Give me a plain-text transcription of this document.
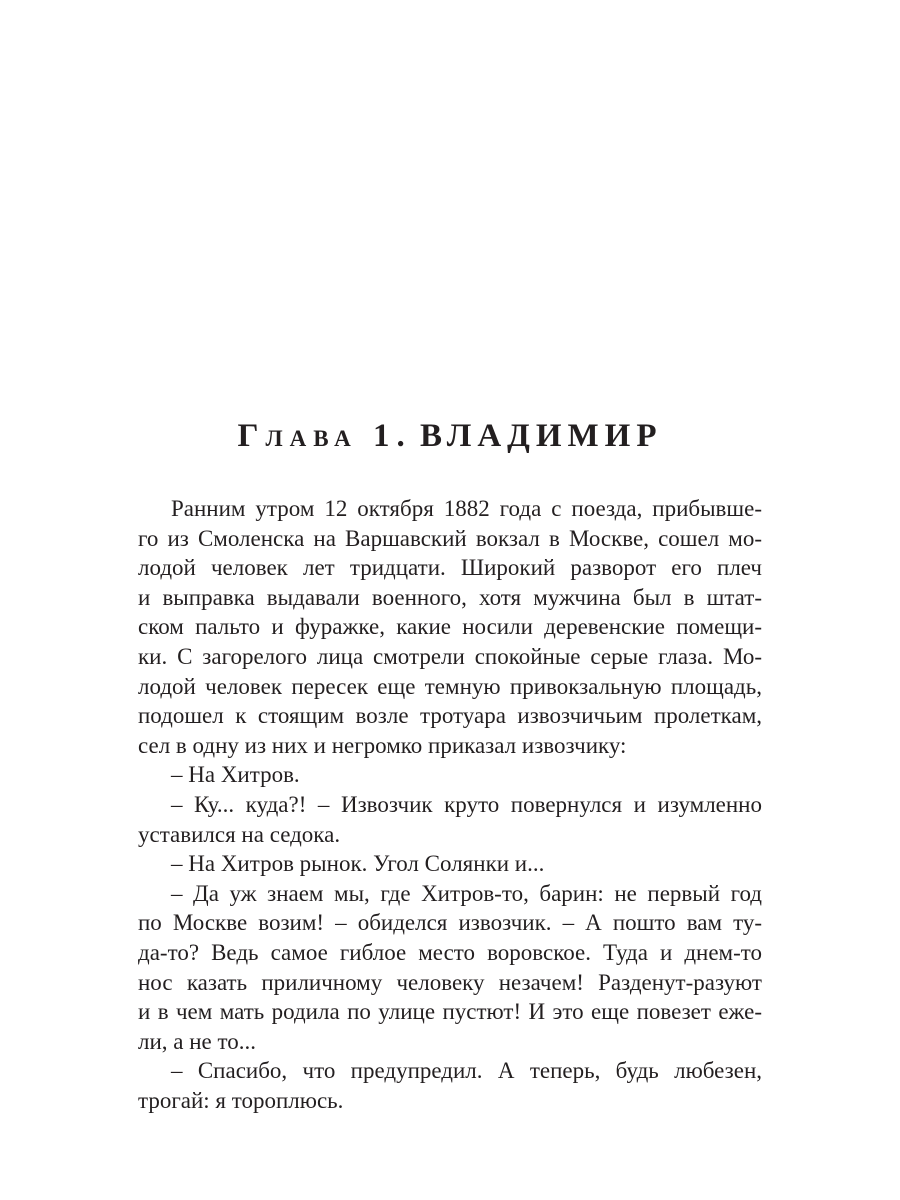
Глава 1. ВЛАДИМИР
Ранним утром 12 октября 1882 года с поезда, прибывше-
го из Смоленска на Варшавский вокзал в Москве, сошел мо-
лодой человек лет тридцати. Широкий разворот его плеч
и выправка выдавали военного, хотя мужчина был в штат-
ском пальто и фуражке, какие носили деревенские помещи-
ки. С загорелого лица смотрели спокойные серые глаза. Мо-
лодой человек пересек еще темную привокзальную площадь,
подошел к стоящим возле тротуара извозчичьим пролеткам,
сел в одну из них и негромко приказал извозчику:
– На Хитров.
– Ку... куда?! – Извозчик круто повернулся и изумленно
уставился на седока.
– На Хитров рынок. Угол Солянки и...
– Да уж знаем мы, где Хитров-то, барин: не первый год
по Москве возим! – обиделся извозчик. – А пошто вам ту-
да-то? Ведь самое гиблое место воровское. Туда и днем-то
нос казать приличному человеку незачем! Разденут-разуют
и в чем мать родила по улице пустют! И это еще повезет еже-
ли, а не то...
– Спасибо, что предупредил. А теперь, будь любезен,
трогай: я тороплюсь.
